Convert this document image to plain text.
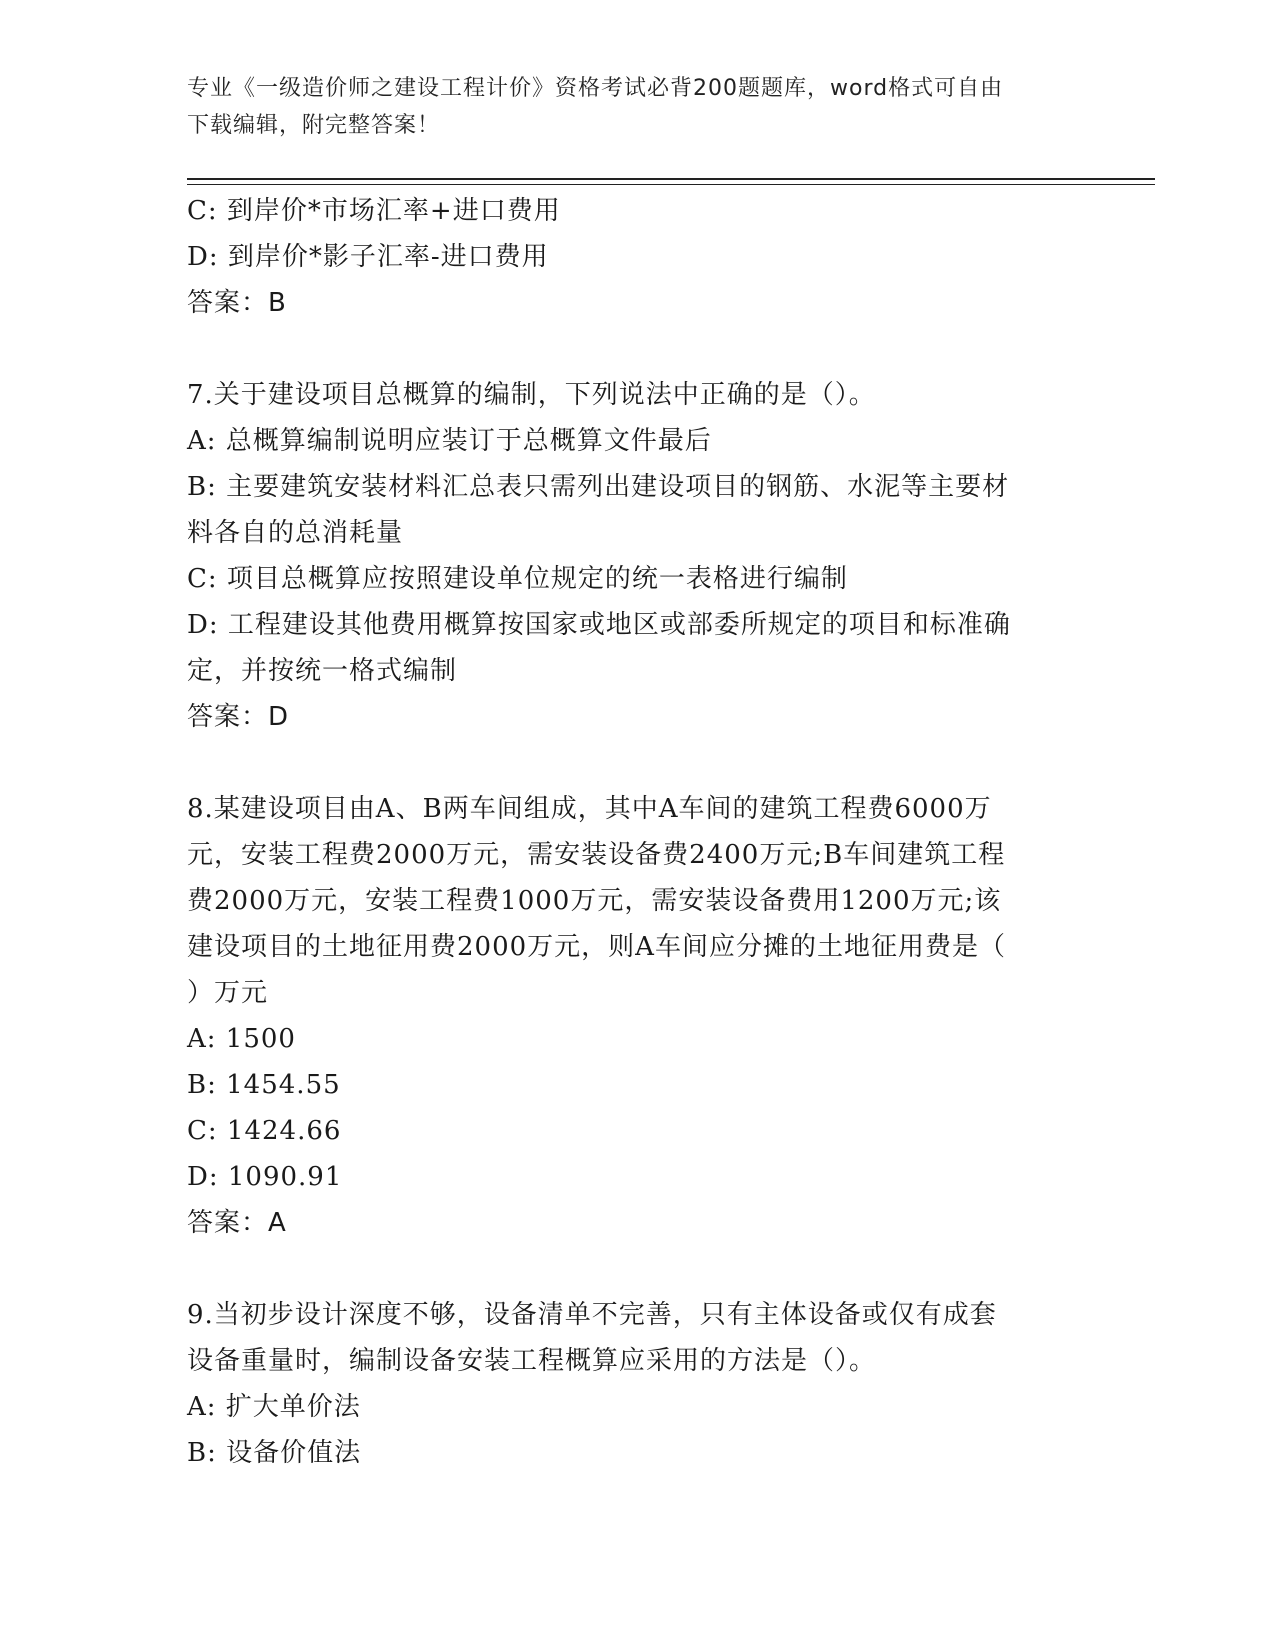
专业《一级造价师之建设工程计价》资格考试必背200题题库，word格式可自由
下载编辑，附完整答案！
C: 到岸价*市场汇率+进口费用
D: 到岸价*影子汇率-进口费用
答案：B
7.关于建设项目总概算的编制，下列说法中正确的是（）。
A: 总概算编制说明应装订于总概算文件最后
B: 主要建筑安装材料汇总表只需列出建设项目的钢筋、水泥等主要材
料各自的总消耗量
C: 项目总概算应按照建设单位规定的统一表格进行编制
D: 工程建设其他费用概算按国家或地区或部委所规定的项目和标准确
定，并按统一格式编制
答案：D
8.某建设项目由A、B两车间组成，其中A车间的建筑工程费6000万
元，安装工程费2000万元，需安装设备费2400万元;B车间建筑工程
费2000万元，安装工程费1000万元，需安装设备费用1200万元;该
建设项目的土地征用费2000万元，则A车间应分摊的土地征用费是（
）万元
A: 1500
B: 1454.55
C: 1424.66
D: 1090.91
答案：A
9.当初步设计深度不够，设备清单不完善，只有主体设备或仅有成套
设备重量时，编制设备安装工程概算应采用的方法是（）。
A: 扩大单价法
B: 设备价值法
